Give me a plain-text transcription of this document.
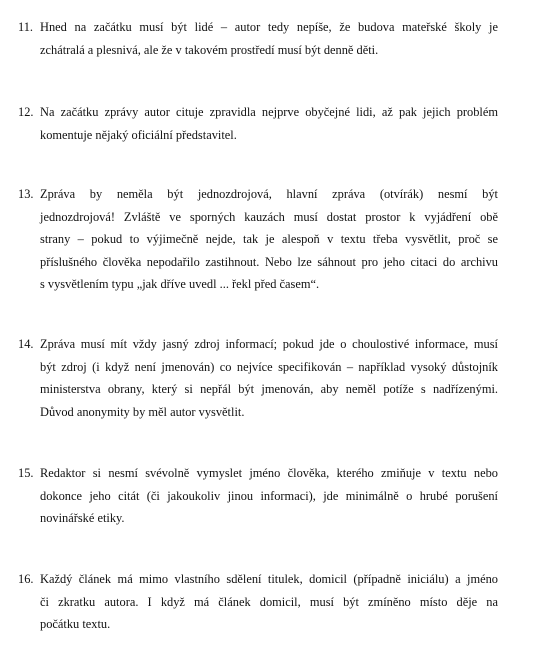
11. Hned na začátku musí být lidé – autor tedy nepíše, že budova mateřské školy je
zchátralá a plesnivá, ale že v takovém prostředí musí být denně děti.
12. Na začátku zprávy autor cituje zpravidla nejprve obyčejné lidi, až pak jejich problém
komentuje nějaký oficiální představitel.
13. Zpráva by neměla být jednozdrojová, hlavní zpráva (otvírák) nesmí být
jednozdrojová! Zvláště ve sporných kauzách musí dostat prostor k vyjádření obě
strany – pokud to výjimečně nejde, tak je alespoň v textu třeba vysvětlit, proč se
příslušného člověka nepodařilo zastihnout. Nebo lze sáhnout pro jeho citaci do archivu
s vysvětlením typu „jak dříve uvedl ... řekl před časem“.
14. Zpráva musí mít vždy jasný zdroj informací; pokud jde o choulostivé informace, musí
být zdroj (i když není jmenován) co nejvíce specifikován – například vysoký důstojník
ministerstva obrany, který si nepřál být jmenován, aby neměl potíže s nadřízenými.
Důvod anonymity by měl autor vysvětlit.
15. Redaktor si nesmí svévolně vymyslet jméno člověka, kterého zmiňuje v textu nebo
dokonce jeho citát (či jakoukoliv jinou informaci), jde minimálně o hrubé porušení
novinářské etiky.
16. Každý článek má mimo vlastního sdělení titulek, domicil (případně iniciálu) a jméno
či zkratku autora. I když má článek domicil, musí být zmíněno místo děje na
počátku textu.
